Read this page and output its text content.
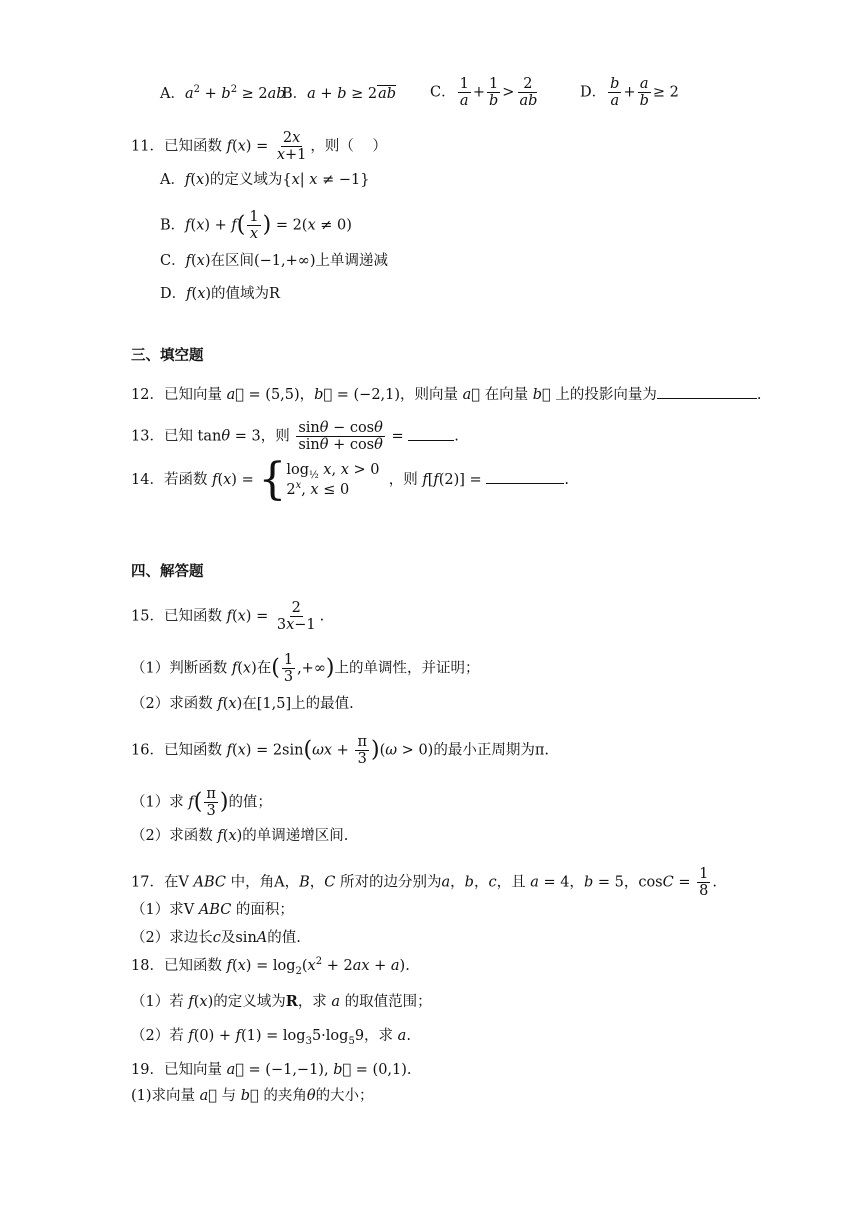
A．$a^2 + b^2 \ge 2ab$
B．a + b ≥ 2ab C． $\frac{1}{a} + \frac{1}{b} > \frac{2}{ab}$	D． $\frac{b}{a} + \frac{a}{b} \ge 2$
11．已知函数 $f(x) = \frac{2x}{x+1}$ ，则（    ）
A．f(x)的定义域为{x| x ≠ −1}
B．$f(x) + f( \frac{1}{x}$ ) = 2(x ≠ 0)
C．f(x)在区间(−1,+∞)上单调递减
D．f(x)的值域为R
三、填空题
12．已知向量 a⃗ = (5,5)，b⃗ = (−2,1)，则向量 a⃗ 在向量 b⃗ 上的投影向量为	.
13．已知 tanθ = 3，则 $\frac{\sin\theta - \cos\theta}{\sin\theta + \cos\theta}$ =	.
14．若函数 f(x) = { $\log_{\frac{1}{2}} x$, x > 0
2$^x$, x ≤ 0
，则 f[f(2)] =	.
四、解答题
15．已知函数 $f(x) = \frac{2}{3x-1}$ .
（1）判断函数 f(x)在( $\frac{1}{3}$ ,+∞)上的单调性，并证明；
（2）求函数 f(x)在[1,5]上的最值.
16．已知函数 $f(x) = 2\sin(\omega x + \frac{\pi}{3} )(\omega > 0)$的最小正周期为π.
（1）求 $f( \frac{\pi}{3}$ )的值；
（2）求函数 f(x)的单调递增区间.
17．在V ABC 中，角A，B，C 所对的边分别为a，b，c，且 a = 4，b = 5，$\cos C = \frac{1}{8}$ .
（1）求V ABC 的面积；
（2）求边长c及sinA的值.
18．已知函数 $f(x) = \log_2(x^2 + 2ax + a)$.
（1）若 f(x)的定义域为R，求 a 的取值范围；
（2）若 $f(0) + f(1) = \log_35\cdot\log_59$，求 a.
19．已知向量 a⃗ = (−1,−1), b⃗ = (0,1).
(1)求向量 a⃗ 与 b⃗ 的夹角θ的大小；
